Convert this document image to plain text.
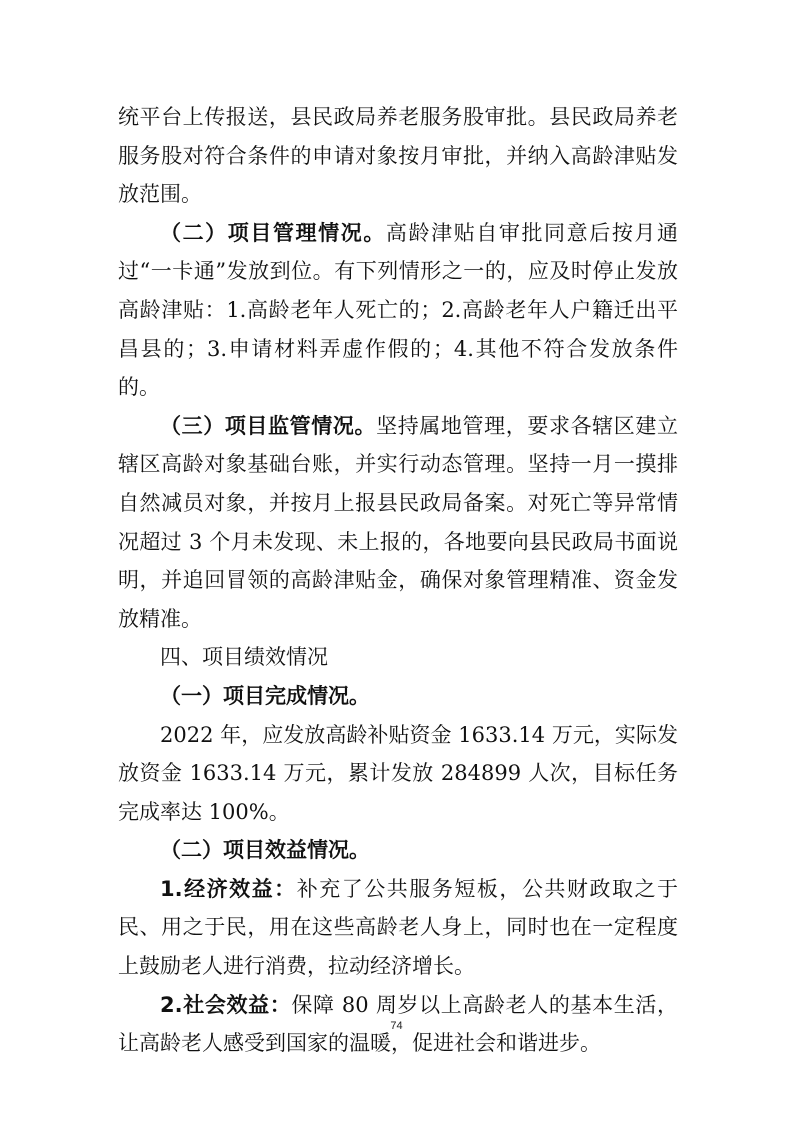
统平台上传报送，县民政局养老服务股审批。县民政局养老服务股对符合条件的申请对象按月审批，并纳入高龄津贴发放范围。

（二）项目管理情况。高龄津贴自审批同意后按月通过“一卡通”发放到位。有下列情形之一的，应及时停止发放高龄津贴：1.高龄老年人死亡的；2.高龄老年人户籍迁出平昌县的；3.申请材料弄虚作假的；4.其他不符合发放条件的。

（三）项目监管情况。坚持属地管理，要求各辖区建立辖区高龄对象基础台账，并实行动态管理。坚持一月一摸排自然减员对象，并按月上报县民政局备案。对死亡等异常情况超过 3 个月未发现、未上报的，各地要向县民政局书面说明，并追回冒领的高龄津贴金，确保对象管理精准、资金发放精准。

四、项目绩效情况

（一）项目完成情况。

2022 年，应发放高龄补贴资金 1633.14 万元，实际发放资金 1633.14 万元，累计发放 284899 人次，目标任务完成率达 100%。

（二）项目效益情况。

1.经济效益：补充了公共服务短板，公共财政取之于民、用之于民，用在这些高龄老人身上，同时也在一定程度上鼓励老人进行消费，拉动经济增长。

2.社会效益：保障 80 周岁以上高龄老人的基本生活，让高龄老人感受到国家的温暖，促进社会和谐进步。

74
